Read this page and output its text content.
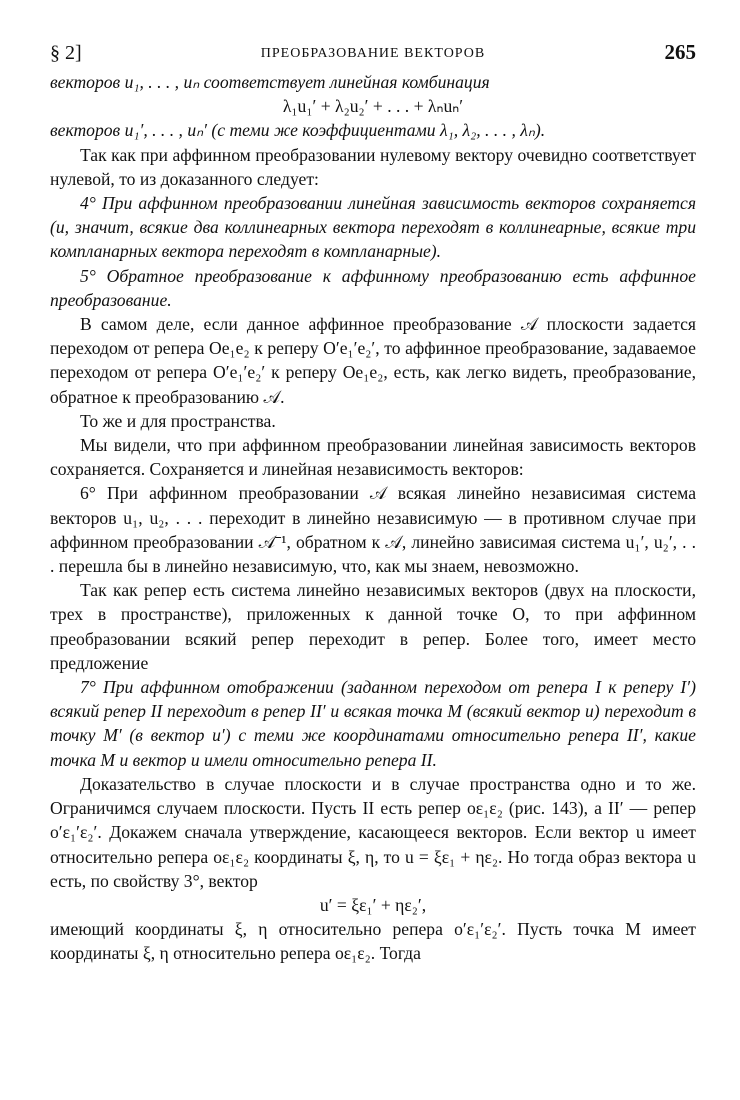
§ 2]	ПРЕОБРАЗОВАНИЕ ВЕКТОРОВ	265

векторов u₁, . . . , uₙ соответствует линейная комбинация

λ₁u₁′ + λ₂u₂′ + . . . + λₙuₙ′

векторов u₁′, . . . , uₙ′ (с теми же коэффициентами λ₁, λ₂, . . . , λₙ).

Так как при аффинном преобразовании нулевому вектору очевидно соответствует нулевой, то из доказанного следует:

4° При аффинном преобразовании линейная зависимость векторов сохраняется (и, значит, всякие два коллинеарных вектора переходят в коллинеарные, всякие три компланарных вектора переходят в компланарные).

5° Обратное преобразование к аффинному преобразованию есть аффинное преобразование.

В самом деле, если данное аффинное преобразование 𝒜 плоскости задается переходом от репера Oe₁e₂ к реперу O′e₁′e₂′, то аффинное преобразование, задаваемое переходом от репера O′e₁′e₂′ к реперу Oe₁e₂, есть, как легко видеть, преобразование, обратное к преобразованию 𝒜.

То же и для пространства.

Мы видели, что при аффинном преобразовании линейная зависимость векторов сохраняется. Сохраняется и линейная независимость векторов:

6° При аффинном преобразовании 𝒜 всякая линейно независимая система векторов u₁, u₂, . . . переходит в линейно независимую — в противном случае при аффинном преобразовании 𝒜⁻¹, обратном к 𝒜, линейно зависимая система u₁′, u₂′, . . . перешла бы в линейно независимую, что, как мы знаем, невозможно.

Так как репер есть система линейно независимых векторов (двух на плоскости, трех в пространстве), приложенных к данной точке O, то при аффинном преобразовании всякий репер переходит в репер. Более того, имеет место предложение

7° При аффинном отображении (заданном переходом от репера I к реперу I′) всякий репер II переходит в репер II′ и всякая точка M (всякий вектор u) переходит в точку M′ (в вектор u′) с теми же координатами относительно репера II′, какие точка M и вектор u имели относительно репера II.

Доказательство в случае плоскости и в случае пространства одно и то же. Ограничимся случаем плоскости. Пусть II есть репер oε₁ε₂ (рис. 143), а II′ — репер o′ε₁′ε₂′. Докажем сначала утверждение, касающееся векторов. Если вектор u имеет относительно репера oε₁ε₂ координаты ξ, η, то u = ξε₁ + ηε₂. Но тогда образ вектора u есть, по свойству 3°, вектор

u′ = ξε₁′ + ηε₂′,

имеющий координаты ξ, η относительно репера o′ε₁′ε₂′. Пусть точка M имеет координаты ξ, η относительно репера oε₁ε₂. Тогда
